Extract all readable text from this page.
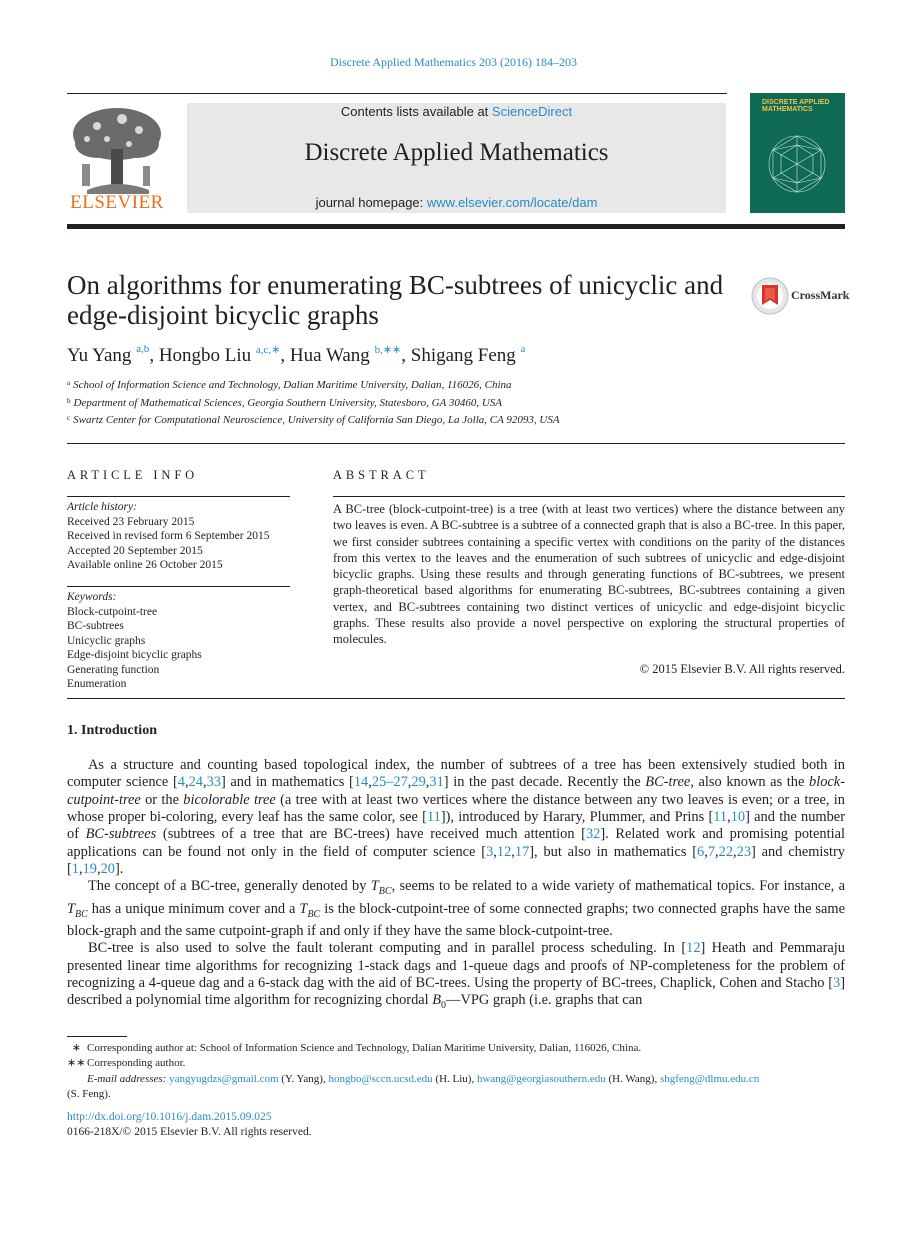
Discrete Applied Mathematics 203 (2016) 184–203
ELSEVIER
Contents lists available at ScienceDirect
Discrete Applied Mathematics
journal homepage: www.elsevier.com/locate/dam
DISCRETE APPLIED MATHEMATICS
On algorithms for enumerating BC-subtrees of unicyclic and edge-disjoint bicyclic graphs
CrossMark
Yu Yang $^{a,b}$, Hongbo Liu $^{a,c,∗}$, Hua Wang $^{b,∗∗}$, Shigang Feng $^a$
$^a$ School of Information Science and Technology, Dalian Maritime University, Dalian, 116026, China
$^b$ Department of Mathematical Sciences, Georgia Southern University, Statesboro, GA 30460, USA
$^c$ Swartz Center for Computational Neuroscience, University of California San Diego, La Jolla, CA 92093, USA
ARTICLE INFO
Article history:
Received 23 February 2015
Received in revised form 6 September 2015
Accepted 20 September 2015
Available online 26 October 2015
Keywords:
Block-cutpoint-tree
BC-subtrees
Unicyclic graphs
Edge-disjoint bicyclic graphs
Generating function
Enumeration
ABSTRACT
A BC-tree (block-cutpoint-tree) is a tree (with at least two vertices) where the distance between any two leaves is even. A BC-subtree is a subtree of a connected graph that is also a BC-tree. In this paper, we first consider subtrees containing a specific vertex with conditions on the parity of the distances from this vertex to the leaves and the enumeration of such subtrees of unicyclic and edge-disjoint bicyclic graphs. Using these results and through generating functions of BC-subtrees, we present graph-theoretical based algorithms for enumerating BC-subtrees, BC-subtrees containing a given vertex, and BC-subtrees containing two distinct vertices of unicyclic and edge-disjoint bicyclic graphs. These results also provide a novel perspective on exploring the structural properties of molecules.
© 2015 Elsevier B.V. All rights reserved.
1. Introduction

As a structure and counting based topological index, the number of subtrees of a tree has been extensively studied both in computer science [4,24,33] and in mathematics [14,25–27,29,31] in the past decade. Recently the BC-tree, also known as the block-cutpoint-tree or the bicolorable tree (a tree with at least two vertices where the distance between any two leaves is even; or a tree, in whose proper bi-coloring, every leaf has the same color, see [11]), introduced by Harary, Plummer, and Prins [11,10] and the number of BC-subtrees (subtrees of a tree that are BC-trees) have received much attention [32]. Related work and promising potential applications can be found not only in the field of computer science [3,12,17], but also in mathematics [6,7,22,23] and chemistry [1,19,20].

The concept of a BC-tree, generally denoted by $T_{BC}$, seems to be related to a wide variety of mathematical topics. For instance, a $T_{BC}$ has a unique minimum cover and a $T_{BC}$ is the block-cutpoint-tree of some connected graphs; two connected graphs have the same block-graph and the same cutpoint-graph if and only if they have the same block-cutpoint-tree.

BC-tree is also used to solve the fault tolerant computing and in parallel process scheduling. In [12] Heath and Pemmaraju presented linear time algorithms for recognizing 1-stack dags and 1-queue dags and proofs of NP-completeness for the problem of recognizing a 4-queue dag and a 6-stack dag with the aid of BC-trees. Using the property of BC-trees, Chaplick, Cohen and Stacho [3] described a polynomial time algorithm for recognizing chordal $B_0—VPG$ graph (i.e. graphs that can

∗ Corresponding author at: School of Information Science and Technology, Dalian Maritime University, Dalian, 116026, China.
∗∗ Corresponding author.
E-mail addresses: yangyugdzs@gmail.com (Y. Yang), hongbo@sccn.ucsd.edu (H. Liu), hwang@georgiasouthern.edu (H. Wang), shgfeng@dlmu.edu.cn
(S. Feng).
http://dx.doi.org/10.1016/j.dam.2015.09.025
0166-218X/© 2015 Elsevier B.V. All rights reserved.
